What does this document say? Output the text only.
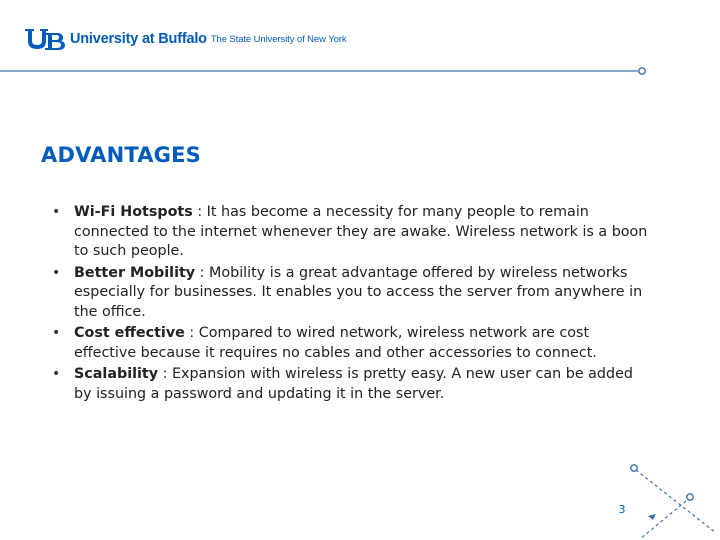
University at Buffalo The State University of New York
ADVANTAGES
• Wi-Fi Hotspots : It has become a necessity for many people to remain connected to the internet whenever they are awake. Wireless network is a boon to such people.
• Better Mobility : Mobility is a great advantage offered by wireless networks especially for businesses. It enables you to access the server from anywhere in the office.
• Cost effective : Compared to wired network, wireless network are cost effective because it requires no cables and other accessories to connect.
• Scalability : Expansion with wireless is pretty easy. A new user can be added by issuing a password and updating it in the server.
3
